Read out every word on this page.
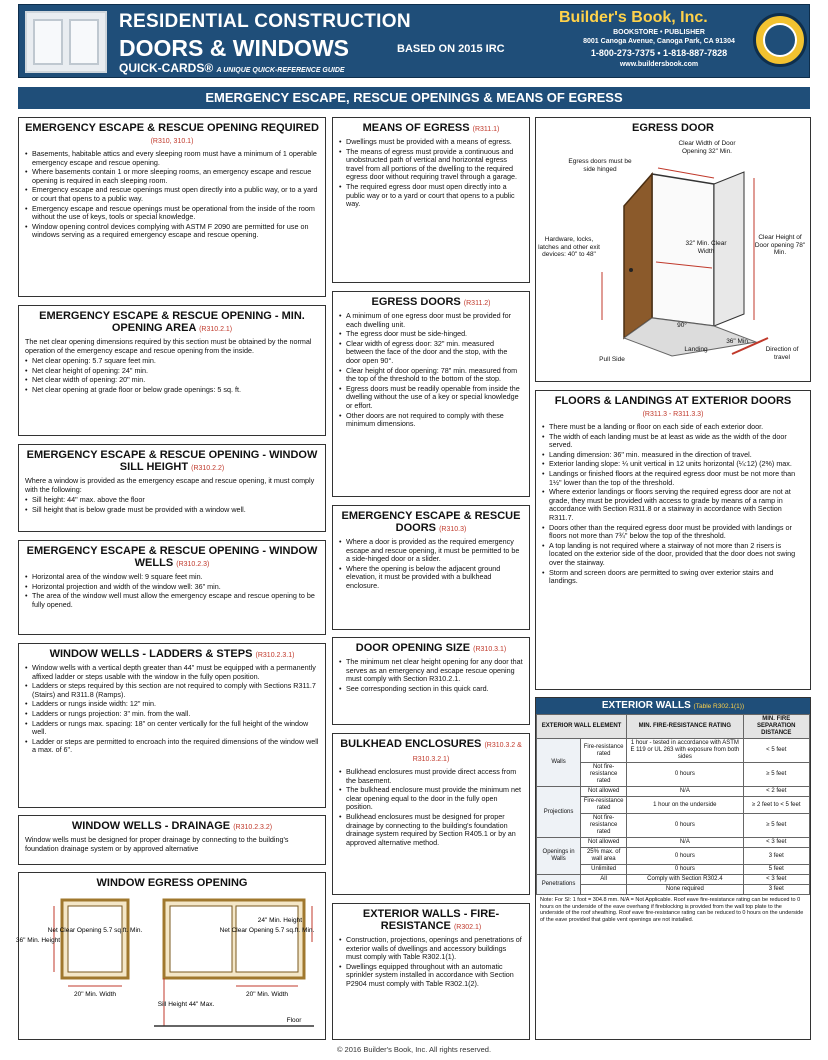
RESIDENTIAL CONSTRUCTION
DOORS & WINDOWS	BASED ON 2015 IRC
QUICK-CARDS® A UNIQUE QUICK-REFERENCE GUIDE
Builder's Book, Inc.
BOOKSTORE • PUBLISHER
8001 Canoga Avenue, Canoga Park, CA 91304
1-800-273-7375 • 1-818-887-7828
www.buildersbook.com
EMERGENCY ESCAPE, RESCUE OPENINGS & MEANS OF EGRESS
EMERGENCY ESCAPE & RESCUE OPENING REQUIRED (R310, 310.1)
• Basements, habitable attics and every sleeping room must have a minimum of 1 operable emergency escape and rescue opening.
• Where basements contain 1 or more sleeping rooms, an emergency escape and rescue opening is required in each sleeping room.
• Emergency escape and rescue openings must open directly into a public way, or to a yard or court that opens to a public way.
• Emergency escape and rescue openings must be operational from the inside of the room without the use of keys, tools or special knowledge.
• Window opening control devices complying with ASTM F 2090 are permitted for use on windows serving as a required emergency escape and rescue opening.
EMERGENCY ESCAPE & RESCUE OPENING - MIN. OPENING AREA (R310.2.1)

The net clear opening dimensions required by this section must be obtained by the normal operation of the emergency escape and rescue opening from the inside.

• Net clear opening: 5.7 square feet min.
• Net clear height of opening: 24" min.
• Net clear width of opening: 20" min.
• Net clear opening at grade floor or below grade openings: 5 sq. ft.
EMERGENCY ESCAPE & RESCUE OPENING - WINDOW SILL HEIGHT (R310.2.2)

Where a window is provided as the emergency escape and rescue opening, it must comply with the following:

• Sill height: 44" max. above the floor
• Sill height that is below grade must be provided with a window well.
EMERGENCY ESCAPE & RESCUE OPENING - WINDOW WELLS (R310.2.3)
• Horizontal area of the window well: 9 square feet min.
• Horizontal projection and width of the window well: 36" min.
• The area of the window well must allow the emergency escape and rescue opening to be fully opened.
WINDOW WELLS - LADDERS & STEPS (R310.2.3.1)
• Window wells with a vertical depth greater than 44" must be equipped with a permanently affixed ladder or steps usable with the window in the fully open position.
• Ladders or steps required by this section are not required to comply with Sections R311.7 (Stairs) and R311.8 (Ramps).
• Ladders or rungs inside width: 12" min.
• Ladders or rungs projection: 3" min. from the wall.
• Ladders or rungs max. spacing: 18" on center vertically for the full height of the window well.
• Ladder or steps are permitted to encroach into the required dimensions of the window well a max. of 6".
WINDOW WELLS - DRAINAGE (R310.2.3.2)

Window wells must be designed for proper drainage by connecting to the building's foundation drainage system or by approved alternative

WINDOW EGRESS OPENING
Net Clear Opening 5.7 sq.ft. Min.
36" Min. Height
20" Min. Width
Net Clear Opening 5.7 sq.ft. Min.
24" Min. Height
Sill Height 44" Max.
20" Min. Width
Floor
MEANS OF EGRESS (R311.1)
• Dwellings must be provided with a means of egress.
• The means of egress must provide a continuous and unobstructed path of vertical and horizontal egress travel from all portions of the dwelling to the required egress door without requiring travel through a garage.
• The required egress door must open directly into a public way or to a yard or court that opens to a public way.
EGRESS DOORS (R311.2)
• A minimum of one egress door must be provided for each dwelling unit.
• The egress door must be side-hinged.
• Clear width of egress door: 32" min. measured between the face of the door and the stop, with the door open 90°.
• Clear height of door opening: 78" min. measured from the top of the threshold to the bottom of the stop.
• Egress doors must be readily openable from inside the dwelling without the use of a key or special knowledge or effort.
• Other doors are not required to comply with these minimum dimensions.
EMERGENCY ESCAPE & RESCUE DOORS (R310.3)
• Where a door is provided as the required emergency escape and rescue opening, it must be permitted to be a side-hinged door or a slider.
• Where the opening is below the adjacent ground elevation, it must be provided with a bulkhead enclosure.
DOOR OPENING SIZE (R310.3.1)
• The minimum net clear height opening for any door that serves as an emergency and escape rescue opening must comply with Section R310.2.1.
• See corresponding section in this quick card.
BULKHEAD ENCLOSURES (R310.3.2 & R310.3.2.1)
• Bulkhead enclosures must provide direct access from the basement.
• The bulkhead enclosure must provide the minimum net clear opening equal to the door in the fully open position.
• Bulkhead enclosures must be designed for proper drainage by connecting to the building's foundation drainage system required by Section R405.1 or by an approved alternative method.
EXTERIOR WALLS - FIRE-RESISTANCE (R302.1)
• Construction, projections, openings and penetrations of exterior walls of dwellings and accessory buildings must comply with Table R302.1(1).
• Dwellings equipped throughout with an automatic sprinkler system installed in accordance with Section P2904 must comply with Table R302.1(2).
EGRESS DOOR
Egress doors must be side hinged
Clear Width of Door Opening 32" Min.
Clear Height of Door opening 78" Min.
Hardware, locks, latches and other exit devices: 40" to 48"
32" Min. Clear Width
90°
Landing
36" Min.
Pull Side
Direction of travel
FLOORS & LANDINGS AT EXTERIOR DOORS (R311.3 - R311.3.3)
• There must be a landing or floor on each side of each exterior door.
• The width of each landing must be at least as wide as the width of the door served.
• Landing dimension: 36" min. measured in the direction of travel.
• Exterior landing slope: ¼ unit vertical in 12 units horizontal (¼:12) (2%) max.
• Landings or finished floors at the required egress door must be not more than 1½" lower than the top of the threshold.
• Where exterior landings or floors serving the required egress door are not at grade, they must be provided with access to grade by means of a ramp in accordance with Section R311.8 or a stairway in accordance with Section R311.7.
• Doors other than the required egress door must be provided with landings or floors not more than 7¾" below the top of the threshold.
• A top landing is not required where a stairway of not more than 2 risers is located on the exterior side of the door, provided that the door does not swing over the stairway.
• Storm and screen doors are permitted to swing over exterior stairs and landings.
EXTERIOR WALLS (Table R302.1(1))
EXTERIOR WALL ELEMENT		MIN. FIRE-RESISTANCE RATING	MIN. FIRE SEPARATION DISTANCE
Walls	Fire-resistance rated	1 hour - tested in accordance with ASTM E 119 or UL 263 with exposure from both sides	< 5 feet
	Not fire-resistance rated	0 hours	≥ 5 feet
Projections	Not allowed	N/A	< 2 feet
	Fire-resistance rated	1 hour on the underside	≥ 2 feet to < 5 feet
	Not fire-resistance rated	0 hours	≥ 5 feet
Openings in Walls	Not allowed	N/A	< 3 feet
	25% max. of wall area	0 hours	3 feet
	Unlimited	0 hours	5 feet
Penetrations	All	Comply with Section R302.4	< 3 feet
		None required	3 feet
Note: For SI: 1 foot = 304.8 mm. N/A = Not Applicable. Roof eave fire-resistance rating can be reduced to 0 hours on the underside of the eave overhang if fireblocking is provided from the wall top plate to the underside of the roof sheathing. Roof eave fire-resistance rating can be reduced to 0 hours on the underside of the eave provided that gable vent openings are not installed.
© 2016 Builder's Book, Inc. All rights reserved.
